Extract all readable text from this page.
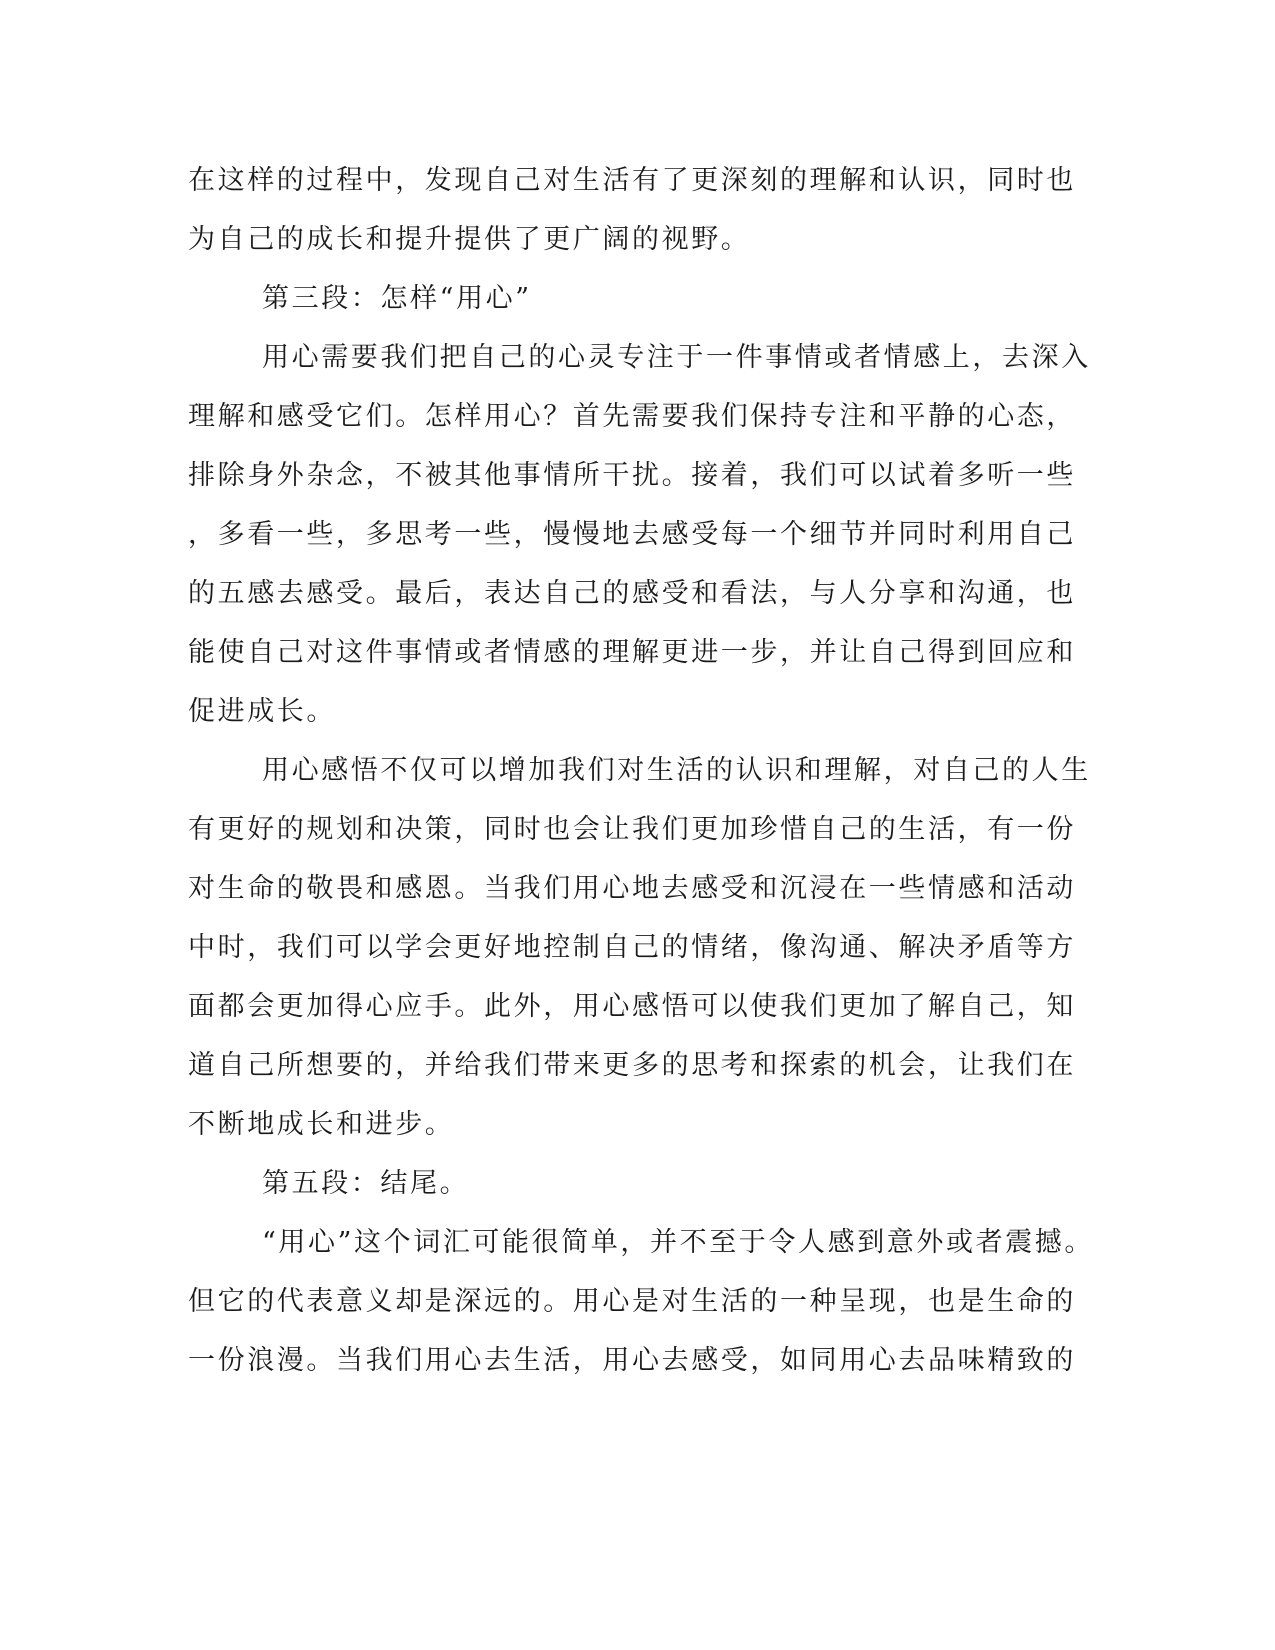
在这样的过程中，发现自己对生活有了更深刻的理解和认识，同时也

为自己的成长和提升提供了更广阔的视野。

第三段：怎样“用心”

用心需要我们把自己的心灵专注于一件事情或者情感上，去深入

理解和感受它们。怎样用心？首先需要我们保持专注和平静的心态，

排除身外杂念，不被其他事情所干扰。接着，我们可以试着多听一些

，多看一些，多思考一些，慢慢地去感受每一个细节并同时利用自己

的五感去感受。最后，表达自己的感受和看法，与人分享和沟通，也

能使自己对这件事情或者情感的理解更进一步，并让自己得到回应和

促进成长。

用心感悟不仅可以增加我们对生活的认识和理解，对自己的人生

有更好的规划和决策，同时也会让我们更加珍惜自己的生活，有一份

对生命的敬畏和感恩。当我们用心地去感受和沉浸在一些情感和活动

中时，我们可以学会更好地控制自己的情绪，像沟通、解决矛盾等方

面都会更加得心应手。此外，用心感悟可以使我们更加了解自己，知

道自己所想要的，并给我们带来更多的思考和探索的机会，让我们在

不断地成长和进步。

第五段：结尾。

“用心”这个词汇可能很简单，并不至于令人感到意外或者震撼。

但它的代表意义却是深远的。用心是对生活的一种呈现，也是生命的

一份浪漫。当我们用心去生活，用心去感受，如同用心去品味精致的
